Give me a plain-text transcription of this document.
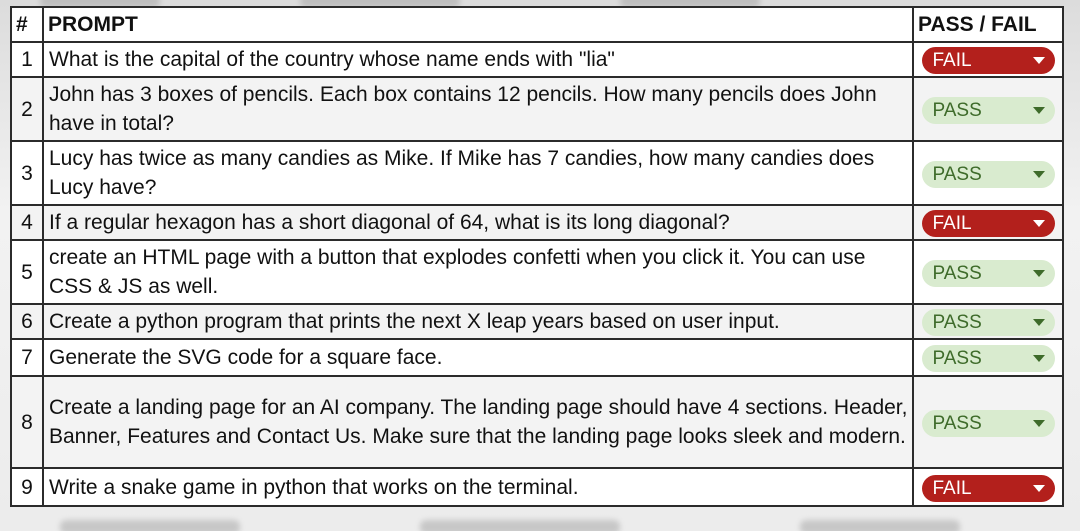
#	PROMPT	PASS / FAIL
1	What is the capital of the country whose name ends with "lia"	FAIL

2	John has 3 boxes of pencils. Each box contains 12 pencils. How many pencils does John have in total?	PASS

3	Lucy has twice as many candies as Mike. If Mike has 7 candies, how many candies does Lucy have?	PASS

4	If a regular hexagon has a short diagonal of 64, what is its long diagonal?	FAIL

5	create an HTML page with a button that explodes confetti when you click it. You can use CSS & JS as well.	PASS

6	Create a python program that prints the next X leap years based on user input.	PASS

7	Generate the SVG code for a square face.	PASS

8	Create a landing page for an AI company. The landing page should have 4 sections. Header, Banner, Features and Contact Us. Make sure that the landing page looks sleek and modern.	PASS

9	Write a snake game in python that works on the terminal.	FAIL
